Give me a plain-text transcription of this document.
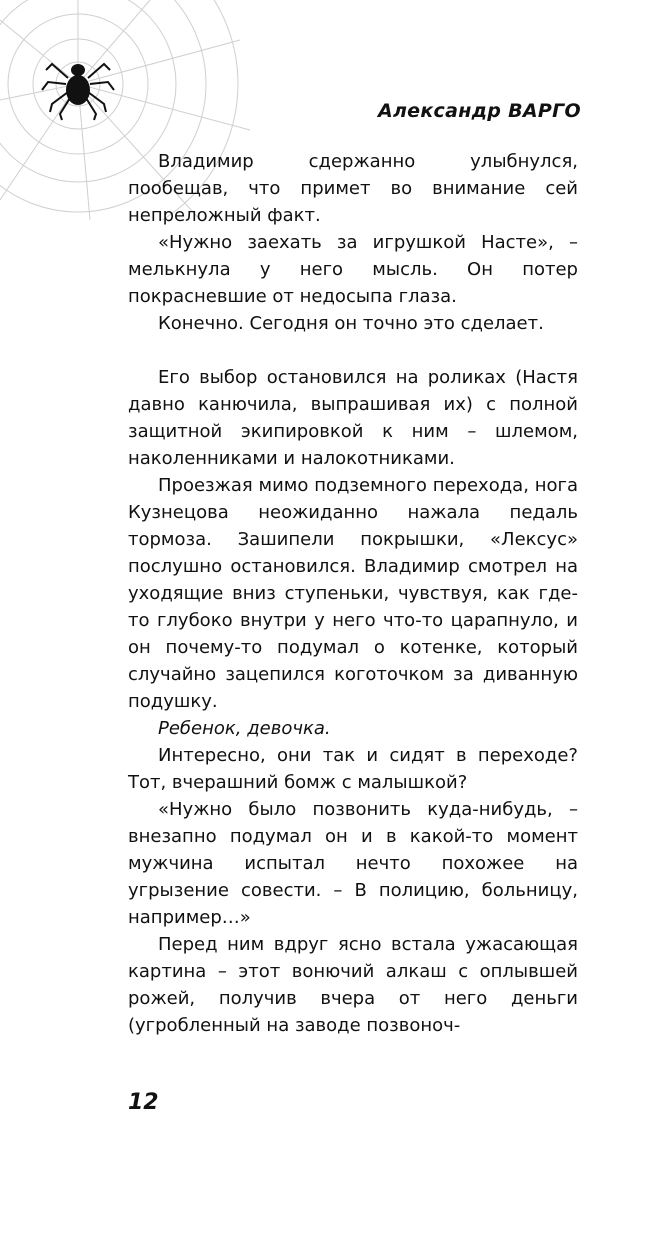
Александр ВАРГО

Владимир сдержанно улыбнулся, пообещав, что примет во внимание сей непреложный факт.

«Нужно заехать за игрушкой Насте», – мелькнула у него мысль. Он потер покрасневшие от недосыпа глаза.

Конечно. Сегодня он точно это сделает.

Его выбор остановился на роликах (Настя давно канючила, выпрашивая их) с полной защитной экипировкой к ним – шлемом, наколенниками и налокотниками.

Проезжая мимо подземного перехода, нога Кузнецова неожиданно нажала педаль тормоза. Зашипели покрышки, «Лексус» послушно остановился. Владимир смотрел на уходящие вниз ступеньки, чувствуя, как где-то глубоко внутри у него что-то царапнуло, и он почему-то подумал о котенке, который случайно зацепился коготочком за диванную подушку.

Ребенок, девочка.

Интересно, они так и сидят в переходе? Тот, вчерашний бомж с малышкой?

«Нужно было позвонить куда-нибудь, – внезапно подумал он и в какой-то момент мужчина испытал нечто похожее на угрызение совести. – В полицию, больницу, например…»

Перед ним вдруг ясно встала ужасающая картина – этот вонючий алкаш с оплывшей рожей, получив вчера от него деньги (угробленный на заводе позвоноч-

12
